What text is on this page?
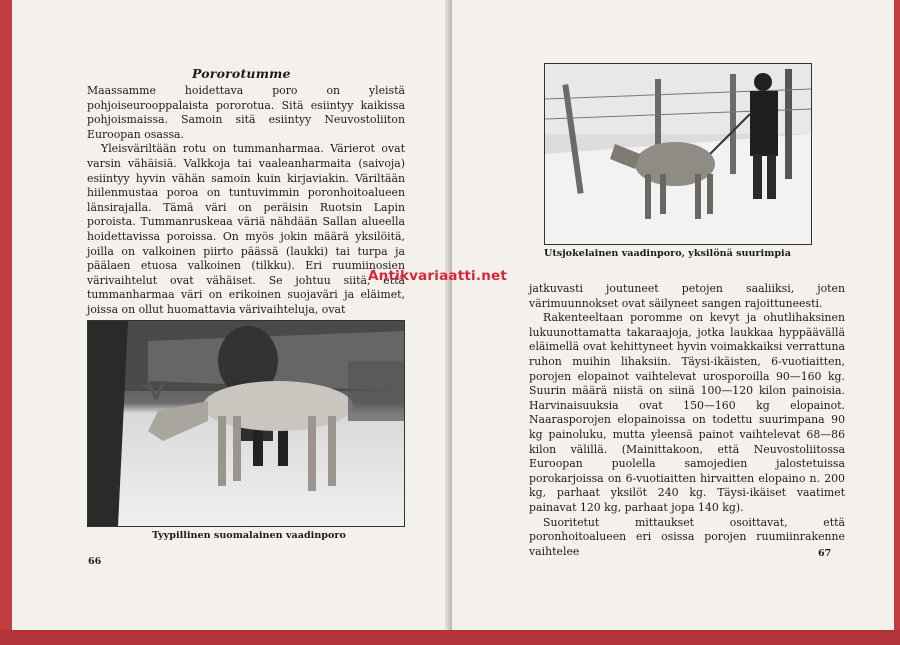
Pororotumme

Maassamme hoidettava poro on yleistä pohjoiseurooppalaista pororotua. Sitä esiintyy kaikissa pohjoismaissa. Samoin sitä esiintyy Neuvostoliiton Euroopan osassa.

Yleisväriltään rotu on tummanharmaa. Värierot ovat varsin vähäisiä. Valkkoja tai vaaleanharmaita (saivoja) esiintyy hyvin vähän samoin kuin kirjaviakin. Väriltään hiilenmustaa poroa on tuntuvimmin poronhoitoalueen länsirajalla. Tämä väri on peräisin Ruotsin Lapin poroista. Tummanruskeaa väriä nähdään Sallan alueella hoidettavissa poroissa. On myös jokin määrä yksilöitä, joilla on valkoinen piirto päässä (laukki) tai turpa ja päälaen etuosa valkoinen (tilkku). Eri ruumiinosien värivaihtelut ovat vähäiset. Se johtuu siitä, että tummanharmaa väri on erikoinen suojaväri ja eläimet, joissa on ollut huomattavia värivaihteluja, ovat

Tyypillinen suomalainen vaadinporo
66
Utsjokelainen vaadinporo, yksilönä suurimpia

jatkuvasti joutuneet petojen saaliiksi, joten värimuunnokset ovat säilyneet sangen rajoittuneesti.

Rakenteeltaan poromme on kevyt ja ohutlihaksinen lukuunottamatta takaraajoja, jotka laukkaa hyppäävällä eläimellä ovat kehittyneet hyvin voimakkaiksi verrattuna ruhon muihin lihaksiin. Täysi-ikäisten, 6-vuotiaitten, porojen elopainot vaihtelevat urosporoilla 90—160 kg. Suurin määrä niistä on siinä 100—120 kilon painoisia. Harvinaisuuksia ovat 150—160 kg elopainot. Naarasporojen elopainoissa on todettu suurimpana 90 kg painoluku, mutta yleensä painot vaihtelevat 68—86 kilon välillä. (Mainittakoon, että Neuvostoliitossa Euroopan puolella samojedien jalostetuissa porokarjoissa on 6-vuotiaitten hirvaitten elopaino n. 200 kg, parhaat yksilöt 240 kg. Täysi-ikäiset vaatimet painavat 120 kg, parhaat jopa 140 kg).

Suoritetut mittaukset osoittavat, että poronhoitoalueen eri osissa porojen ruumiinrakenne vaihtelee	67
Antikvariaatti.net
